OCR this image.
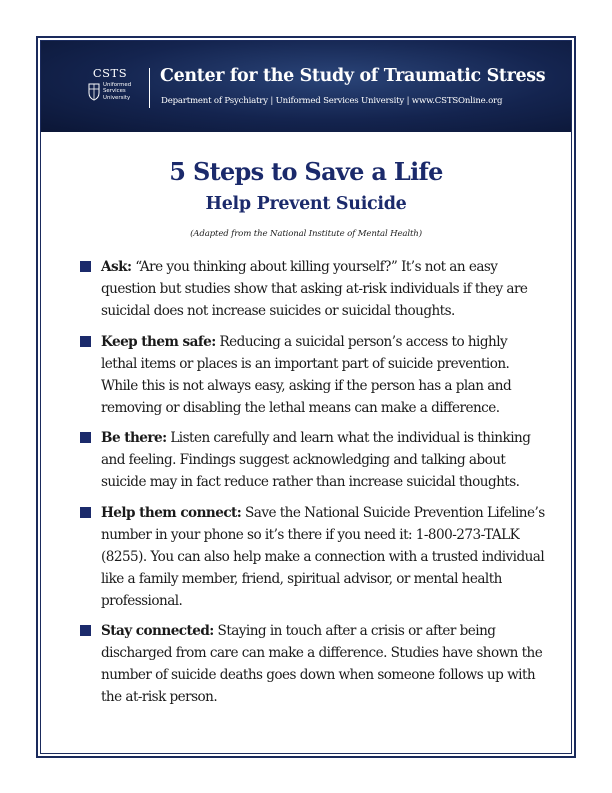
CSTS
Uniformed
Services
University
Center for the Study of Traumatic Stress
Department of Psychiatry | Uniformed Services University | www.CSTSOnline.org
5 Steps to Save a Life
Help Prevent Suicide
(Adapted from the National Institute of Mental Health)
Ask: “Are you thinking about killing yourself?” It’s not an easy question but studies show that asking at-risk individuals if they are suicidal does not increase suicides or suicidal thoughts.
Keep them safe: Reducing a suicidal person’s access to highly lethal items or places is an important part of suicide prevention. While this is not always easy, asking if the person has a plan and removing or disabling the lethal means can make a difference.
Be there: Listen carefully and learn what the individual is thinking and feeling. Findings suggest acknowledging and talking about suicide may in fact reduce rather than increase suicidal thoughts.
Help them connect: Save the National Suicide Prevention Lifeline’s number in your phone so it’s there if you need it: 1-800-273-TALK (8255). You can also help make a connection with a trusted individual like a family member, friend, spiritual advisor, or mental health professional.
Stay connected: Staying in touch after a crisis or after being discharged from care can make a difference. Studies have shown the number of suicide deaths goes down when someone follows up with the at-risk person.
